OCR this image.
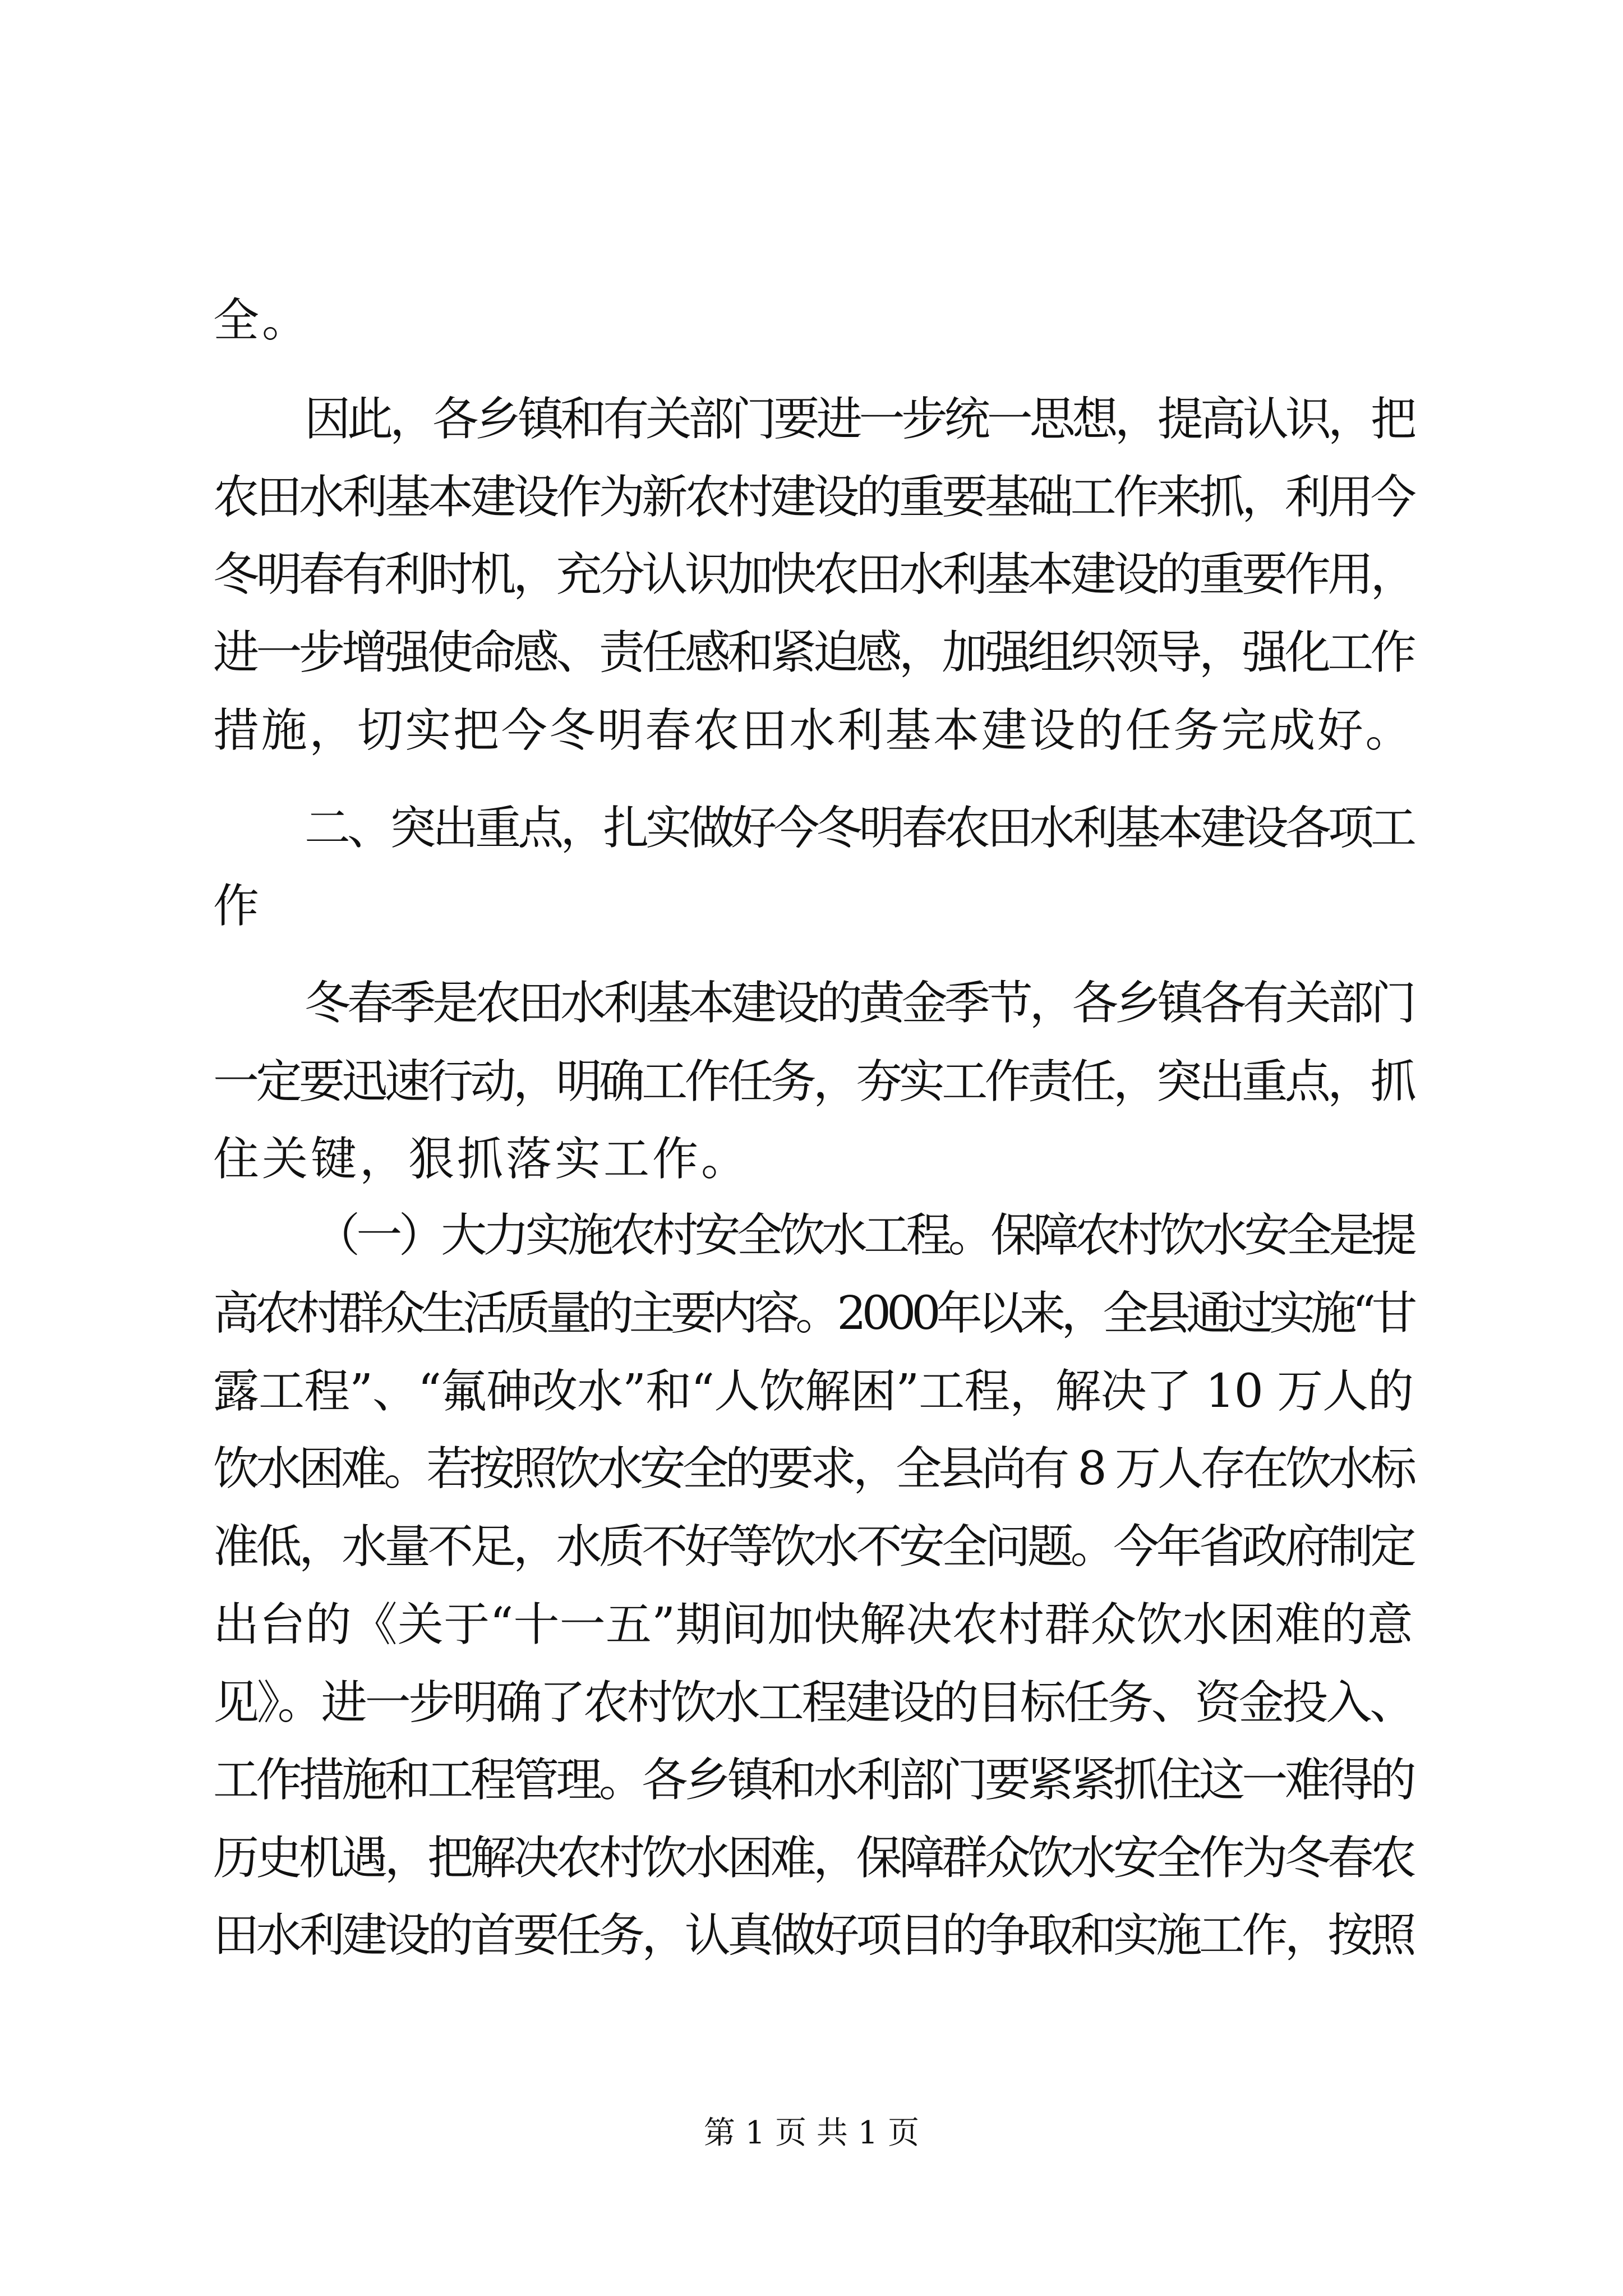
全。
因此，各乡镇和有关部门要进一步统一思想，提高认识，把
农田水利基本建设作为新农村建设的重要基础工作来抓，利用今
冬明春有利时机，充分认识加快农田水利基本建设的重要作用，
进一步增强使命感、责任感和紧迫感，加强组织领导，强化工作
措施，切实把今冬明春农田水利基本建设的任务完成好。
二、突出重点，扎实做好今冬明春农田水利基本建设各项工
作
冬春季是农田水利基本建设的黄金季节，各乡镇各有关部门
一定要迅速行动，明确工作任务，夯实工作责任，突出重点，抓
住关键，狠抓落实工作。
（一）大力实施农村安全饮水工程。保障农村饮水安全是提
高农村群众生活质量的主要内容。2000年以来，全县通过实施“甘
露工程”、“氟砷改水”和“人饮解困”工程，解决了 10 万人的
饮水困难。若按照饮水安全的要求，全县尚有 8 万人存在饮水标
准低，水量不足，水质不好等饮水不安全问题。今年省政府制定
出台的《关于“十一五”期间加快解决农村群众饮水困难的意
见》。进一步明确了农村饮水工程建设的目标任务、资金投入、
工作措施和工程管理。各乡镇和水利部门要紧紧抓住这一难得的
历史机遇，把解决农村饮水困难，保障群众饮水安全作为冬春农
田水利建设的首要任务，认真做好项目的争取和实施工作，按照
第 1 页 共 1 页
